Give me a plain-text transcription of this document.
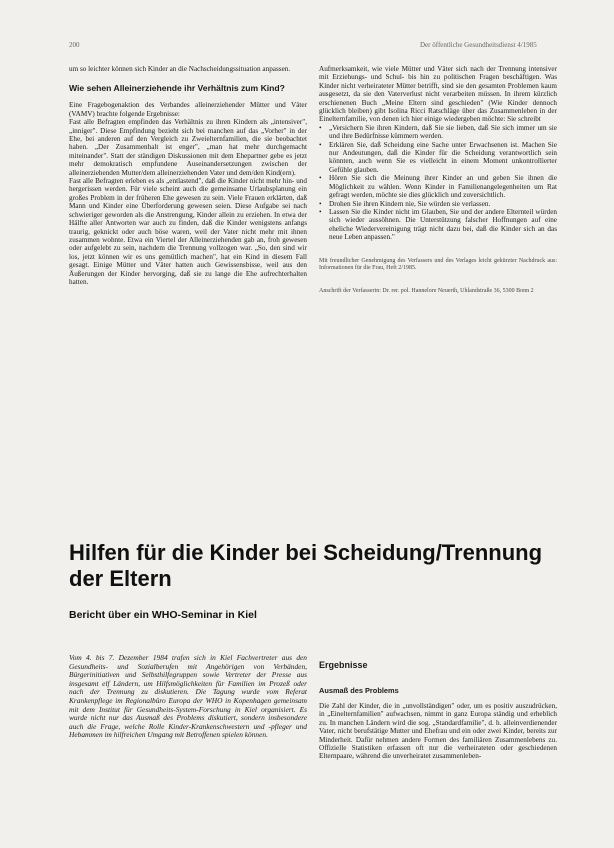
200	Der öffentliche Gesundheitsdienst 4/1985

um so leichter können sich Kinder an die Nachscheidungssituation anpassen.

Wie sehen Alleinerziehende ihr Verhältnis zum Kind?

Eine Fragebogenaktion des Verbandes alleinerziehender Mütter und Väter (VAMV) brachte folgende Ergebnisse:

Fast alle Befragten empfinden das Verhältnis zu ihren Kindern als „intensiver", „inniger". Diese Empfindung bezieht sich bei manchen auf das „Vorher" in der Ehe, bei anderen auf den Vergleich zu Zweielternfamilien, die sie beobachtet haben. „Der Zusammenhalt ist enger", „man hat mehr durchgemacht miteinander". Statt der ständigen Diskussionen mit dem Ehepartner gebe es jetzt mehr demokratisch empfundene Auseinandersetzungen zwischen der alleinerziehenden Mutter/dem alleinerziehenden Vater und dem/den Kind(ern).

Fast alle Befragten erleben es als „entlastend", daß die Kinder nicht mehr hin- und hergerissen werden. Für viele scheint auch die gemeinsame Urlaubsplanung ein großes Problem in der früheren Ehe gewesen zu sein. Viele Frauen erklärten, daß Mann und Kinder eine Überforderung gewesen seien. Diese Aufgabe sei nach schwieriger geworden als die Anstrengung, Kinder allein zu erziehen. In etwa der Hälfte aller Antworten war auch zu finden, daß die Kinder wenigstens anfangs traurig, geknickt oder auch böse waren, weil der Vater nicht mehr mit ihnen zusammen wohnte. Etwa ein Viertel der Alleinerziehenden gab an, froh gewesen oder aufgelebt zu sein, nachdem die Trennung vollzogen war. „So, den sind wir los, jetzt können wir es uns gemütlich machen", hat ein Kind in diesem Fall gesagt. Einige Mütter und Väter hatten auch Gewissensbisse, weil aus den Äußerungen der Kinder hervorging, daß sie zu lange die Ehe aufrechterhalten hatten.

Aufmerksamkeit, wie viele Mütter und Väter sich nach der Trennung intensiver mit Erziehungs- und Schul- bis hin zu politischen Fragen beschäftigen. Was Kinder nicht verheirateter Mütter betrifft, sind sie den gesamten Problemen kaum ausgesetzt, da sie den Vaterverlust nicht verarbeiten müssen. In ihrem kürzlich erschienenen Buch „Meine Eltern sind geschieden" (Wie Kinder dennoch glücklich bleiben) gibt Isolina Ricci Ratschläge über das Zusammenleben in der Einelternfamilie, von denen ich hier einige wiedergeben möchte: Sie schreibt

• „Versichern Sie ihren Kindern, daß Sie sie lieben, daß Sie sich immer um sie und ihre Bedürfnisse kümmern werden.
• Erklären Sie, daß Scheidung eine Sache unter Erwachsenen ist. Machen Sie nur Andeutungen, daß die Kinder für die Scheidung verantwortlich sein könnten, auch wenn Sie es vielleicht in einem Moment unkontrollierter Gefühle glauben.
• Hören Sie sich die Meinung ihrer Kinder an und geben Sie ihnen die Möglichkeit zu wählen. Wenn Kinder in Familienangelegenheiten um Rat gefragt werden, möchte sie dies glücklich und zuversichtlich.
• Drohen Sie ihren Kindern nie, Sie würden sie verlassen.
• Lassen Sie die Kinder nicht im Glauben, Sie und der andere Elternteil würden sich wieder aussöhnen. Die Unterstützung falscher Hoffnungen auf eine eheliche Wiedervereinigung trägt nicht dazu bei, daß die Kinder sich an das neue Leben anpassen."

Mit freundlicher Genehmigung des Verfassers und des Verlages leicht gekürzter Nachdruck aus: Informationen für die Frau, Heft 2/1985.

Anschrift der Verfasserin: Dr. rer. pol. Hannelore Neuerth, Uhlandstraße 36, 5300 Bonn 2

Hilfen für die Kinder bei Scheidung/Trennung der Eltern
Bericht über ein WHO-Seminar in Kiel
Vom 4. bis 7. Dezember 1984 trafen sich in Kiel Fachvertreter aus den Gesundheits- und Sozialberufen mit Angehörigen von Verbänden, Bürgerinitiativen und Selbsthilfegruppen sowie Vertreter der Presse aus insgesamt elf Ländern, um Hilfsmöglichkeiten für Familien im Prozeß oder nach der Trennung zu diskutieren. Die Tagung wurde vom Referat Krankenpflege im Regionalbüro Europa der WHO in Kopenhagen gemeinsam mit dem Institut für Gesundheits-System-Forschung in Kiel organisiert. Es wurde nicht nur das Ausmaß des Problems diskutiert, sondern insbesondere auch die Frage, welche Rolle Kinder-Krankenschwestern und -pfleger und Hebammen im hilfreichen Umgang mit Betroffenen spielen können.
Ergebnisse
Ausmaß des Problems
Die Zahl der Kinder, die in „unvollständigen" oder, um es positiv auszudrücken, in „Einelternfamilien" aufwachsen, nimmt in ganz Europa ständig und erheblich zu. In manchen Ländern wird die sog. „Standardfamilie", d. h. alleinverdienender Vater, nicht berufstätige Mutter und Ehefrau und ein oder zwei Kinder, bereits zur Minderheit. Dafür nehmen andere Formen des familiären Zusammenlebens zu. Offizielle Statistiken erfassen oft nur die verheirateten oder geschiedenen Elternpaare, während die unverheiratet zusammenleben-
